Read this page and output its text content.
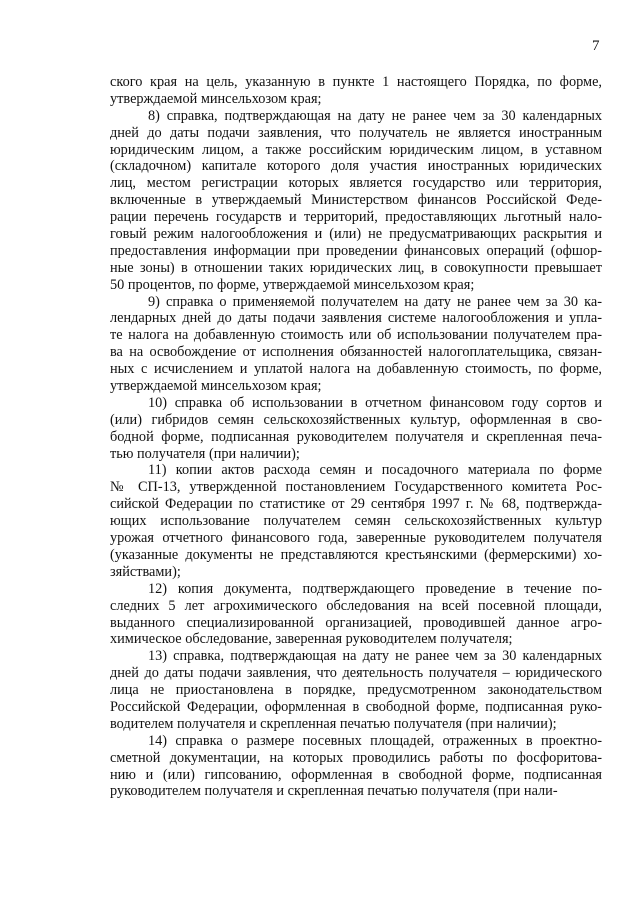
7
ского края на цель, указанную в пункте 1 настоящего Порядка, по форме,
утверждаемой минсельхозом края;
8) справка, подтверждающая на дату не ранее чем за 30 календарных
дней до даты подачи заявления, что получатель не является иностранным
юридическим лицом, а также российским юридическим лицом, в уставном
(складочном) капитале которого доля участия иностранных юридических
лиц, местом регистрации которых является государство или территория,
включенные в утверждаемый Министерством финансов Российской Феде-
рации перечень государств и территорий, предоставляющих льготный нало-
говый режим налогообложения и (или) не предусматривающих раскрытия и
предоставления информации при проведении финансовых операций (офшор-
ные зоны) в отношении таких юридических лиц, в совокупности превышает
50 процентов, по форме, утверждаемой минсельхозом края;
9) справка о применяемой получателем на дату не ранее чем за 30 ка-
лендарных дней до даты подачи заявления системе налогообложения и упла-
те налога на добавленную стоимость или об использовании получателем пра-
ва на освобождение от исполнения обязанностей налогоплательщика, связан-
ных с исчислением и уплатой налога на добавленную стоимость, по форме,
утверждаемой минсельхозом края;
10) справка об использовании в отчетном финансовом году сортов и
(или) гибридов семян сельскохозяйственных культур, оформленная в сво-
бодной форме, подписанная руководителем получателя и скрепленная печа-
тью получателя (при наличии);
11) копии актов расхода семян и посадочного материала по форме
№ СП-13, утвержденной постановлением Государственного комитета Рос-
сийской Федерации по статистике от 29 сентября 1997 г. № 68, подтвержда-
ющих использование получателем семян сельскохозяйственных культур
урожая отчетного финансового года, заверенные руководителем получателя
(указанные документы не представляются крестьянскими (фермерскими) хо-
зяйствами);
12) копия документа, подтверждающего проведение в течение по-
следних 5 лет агрохимического обследования на всей посевной площади,
выданного специализированной организацией, проводившей данное агро-
химическое обследование, заверенная руководителем получателя;
13) справка, подтверждающая на дату не ранее чем за 30 календарных
дней до даты подачи заявления, что деятельность получателя – юридического
лица не приостановлена в порядке, предусмотренном законодательством
Российской Федерации, оформленная в свободной форме, подписанная руко-
водителем получателя и скрепленная печатью получателя (при наличии);
14) справка о размере посевных площадей, отраженных в проектно-
сметной документации, на которых проводились работы по фосфоритова-
нию и (или) гипсованию, оформленная в свободной форме, подписанная
руководителем получателя и скрепленная печатью получателя (при нали-
